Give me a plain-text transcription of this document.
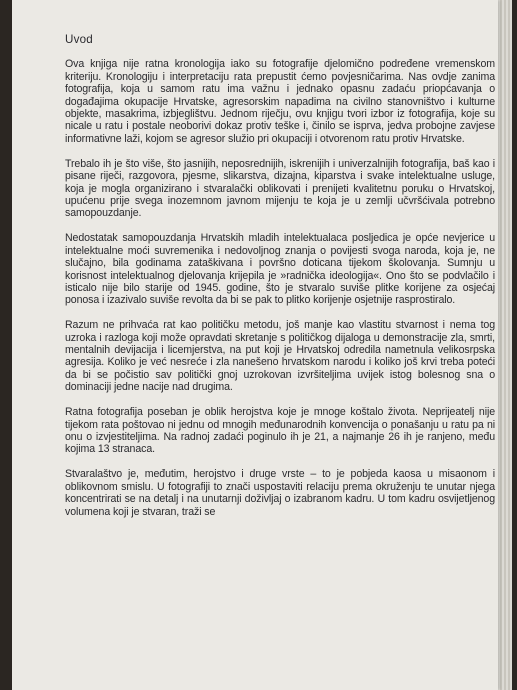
Uvod

Ova knjiga nije ratna kronologija iako su fotografije djelomično podređene vremenskom kriteriju. Kronologiju i interpretaciju rata prepustit ćemo povjesničarima. Nas ovdje zanima fotografija, koja u samom ratu ima važnu i jednako opasnu zadaću priopćavanja o događajima okupacije Hrvatske, agresorskim napadima na civilno stanovništvo i kulturne objekte, masakrima, izbjeglištvu. Jednom riječju, ovu knjigu tvori izbor iz fotografija, koje su nicale u ratu i postale neoborivi dokaz protiv teške i, činilo se isprva, jedva probojne zavjese informativne laži, kojom se agresor služio pri okupaciji i otvorenom ratu protiv Hrvatske.

Trebalo ih je što više, što jasnijih, neposrednijih, iskrenijih i univerzalnijih fotografija, baš kao i pisane riječi, razgovora, pjesme, slikarstva, dizajna, kiparstva i svake intelektualne usluge, koja je mogla organizirano i stvaralački oblikovati i prenijeti kvalitetnu poruku o Hrvatskoj, upućenu prije svega inozemnom javnom mijenju te koja je u zemlji učvršćivala potrebno samopouzdanje.

Nedostatak samopouzdanja Hrvatskih mladih intelektualaca posljedica je opće nevjerice u intelektualne moći suvremenika i nedovoljnog znanja o povijesti svoga naroda, koja je, ne slučajno, bila godinama zataškivana i površno doticana tijekom školovanja. Sumnju u korisnost intelektualnog djelovanja krijepila je »radnička ideologija«. Ono što se podvlačilo i isticalo nije bilo starije od 1945. godine, što je stvaralo suviše plitke korijene za osjećaj ponosa i izazivalo suviše revolta da bi se pak to plitko korijenje osjetnije rasprostiralo.

Razum ne prihvaća rat kao političku metodu, još manje kao vlastitu stvarnost i nema tog uzroka i razloga koji može opravdati skretanje s političkog dijaloga u demonstracije zla, smrti, mentalnih devijacija i licemjerstva, na put koji je Hrvatskoj odredila nametnula velikosrpska agresija. Koliko je već nesreće i zla nanešeno hrvatskom narodu i koliko još krvi treba poteći da bi se počistio sav politički gnoj uzrokovan izvršiteljima uvijek istog bolesnog sna o dominaciji jedne nacije nad drugima.

Ratna fotografija poseban je oblik herojstva koje je mnoge koštalo života. Neprijeatelj nije tijekom rata poštovao ni jednu od mnogih međunarodnih konvencija o ponašanju u ratu pa ni onu o izvjestiteljima. Na radnoj zadaći poginulo ih je 21, a najmanje 26 ih je ranjeno, među kojima 13 stranaca.

Stvaralaštvo je, međutim, herojstvo i druge vrste – to je pobjeda kaosa u misaonom i oblikovnom smislu. U fotografiji to znači uspostaviti relaciju prema okruženju te unutar njega koncentrirati se na detalj i na unutarnji doživljaj o izabranom kadru. U tom kadru osvijetljenog volumena koji je stvaran, traži se
